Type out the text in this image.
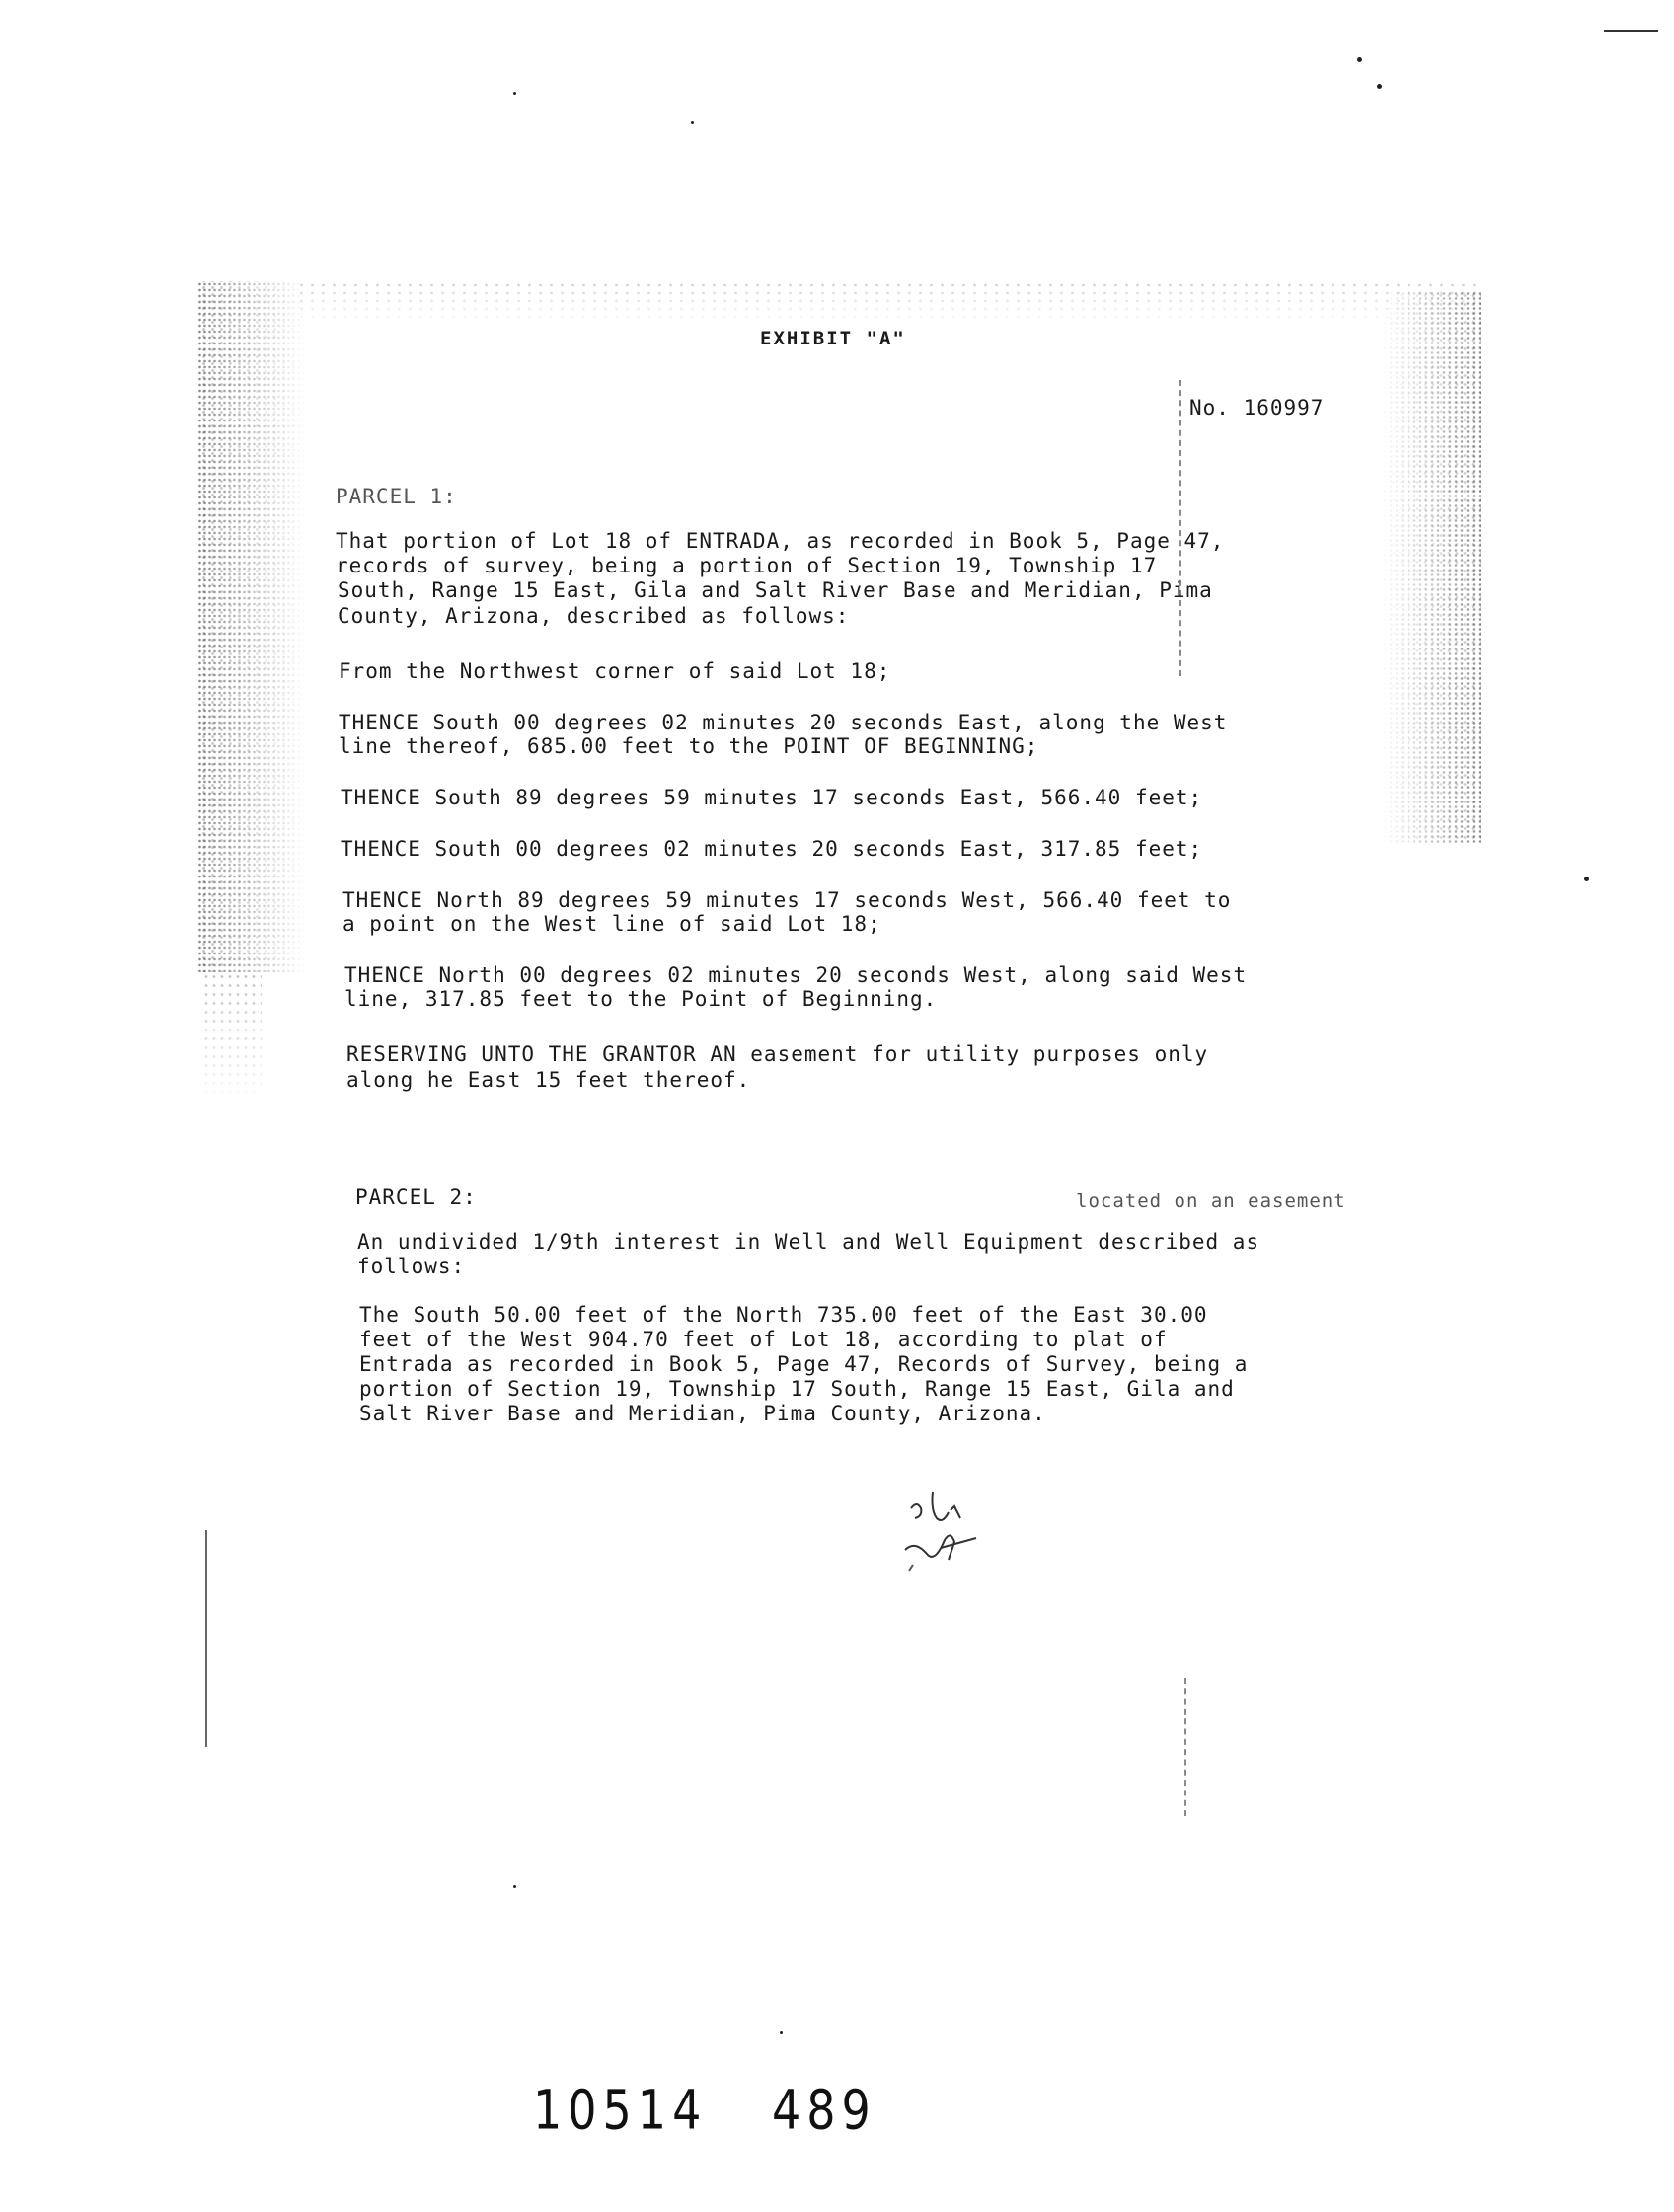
EXHIBIT "A"
No. 160997
PARCEL 1:
That portion of Lot 18 of ENTRADA, as recorded in Book 5, Page 47,
records of survey, being a portion of Section 19, Township 17
South, Range 15 East, Gila and Salt River Base and Meridian, Pima
County, Arizona, described as follows:
From the Northwest corner of said Lot 18;
THENCE South 00 degrees 02 minutes 20 seconds East, along the West
line thereof, 685.00 feet to the POINT OF BEGINNING;
THENCE South 89 degrees 59 minutes 17 seconds East, 566.40 feet;
THENCE South 00 degrees 02 minutes 20 seconds East, 317.85 feet;
THENCE North 89 degrees 59 minutes 17 seconds West, 566.40 feet to
a point on the West line of said Lot 18;
THENCE North 00 degrees 02 minutes 20 seconds West, along said West
line, 317.85 feet to the Point of Beginning.
RESERVING UNTO THE GRANTOR AN easement for utility purposes only
along he East 15 feet thereof.
PARCEL 2:	located on an easement
An undivided 1/9th interest in Well and Well Equipment described as
follows:
The South 50.00 feet of the North 735.00 feet of the East 30.00
feet of the West 904.70 feet of Lot 18, according to plat of
Entrada as recorded in Book 5, Page 47, Records of Survey, being a
portion of Section 19, Township 17 South, Range 15 East, Gila and
Salt River Base and Meridian, Pima County, Arizona.
10514 489
